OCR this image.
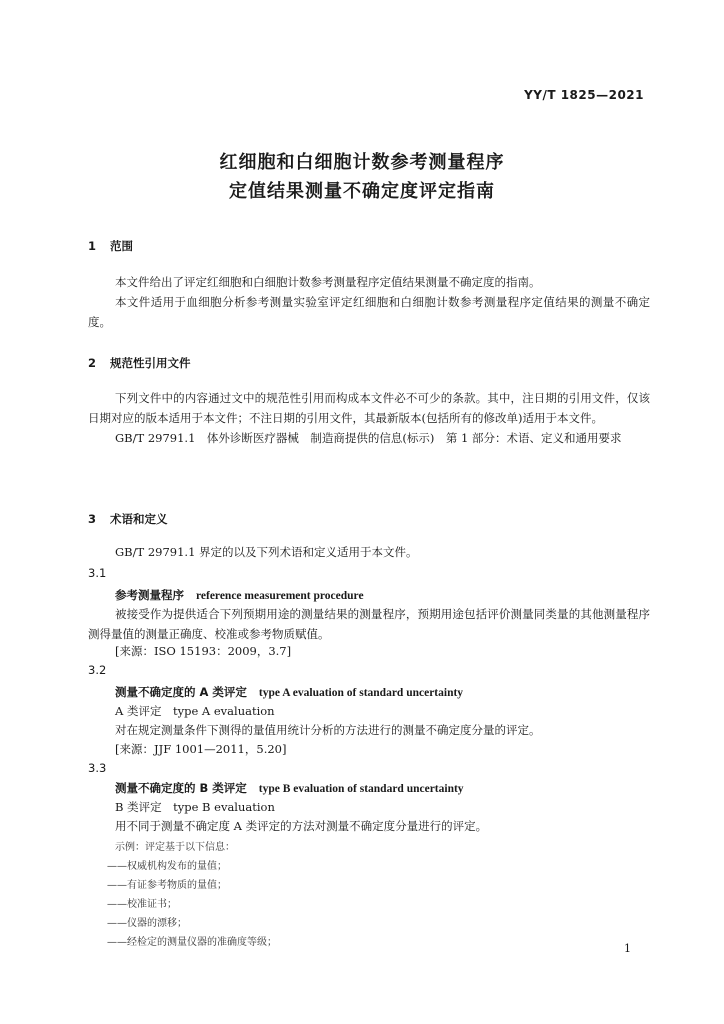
YY/T 1825—2021
红细胞和白细胞计数参考测量程序
定值结果测量不确定度评定指南
1 范围
本文件给出了评定红细胞和白细胞计数参考测量程序定值结果测量不确定度的指南。
本文件适用于血细胞分析参考测量实验室评定红细胞和白细胞计数参考测量程序定值结果的测量不确定度。
2 规范性引用文件
下列文件中的内容通过文中的规范性引用而构成本文件必不可少的条款。其中，注日期的引用文件，仅该日期对应的版本适用于本文件；不注日期的引用文件，其最新版本(包括所有的修改单)适用于本文件。
GB/T 29791.1　体外诊断医疗器械　制造商提供的信息(标示)　第 1 部分：术语、定义和通用要求
3 术语和定义
GB/T 29791.1 界定的以及下列术语和定义适用于本文件。
3.1
参考测量程序 reference measurement procedure
被接受作为提供适合下列预期用途的测量结果的测量程序，预期用途包括评价测量同类量的其他测量程序测得量值的测量正确度、校准或参考物质赋值。
[来源：ISO 15193：2009，3.7]
3.2
测量不确定度的 A 类评定 type A evaluation of standard uncertainty
A 类评定　type A evaluation
对在规定测量条件下测得的量值用统计分析的方法进行的测量不确定度分量的评定。
[来源：JJF 1001—2011，5.20]
3.3
测量不确定度的 B 类评定 type B evaluation of standard uncertainty
B 类评定　type B evaluation
用不同于测量不确定度 A 类评定的方法对测量不确定度分量进行的评定。
示例：评定基于以下信息：
——权威机构发布的量值；
——有证参考物质的量值；
——校准证书；
——仪器的漂移；
——经检定的测量仪器的准确度等级；	1
